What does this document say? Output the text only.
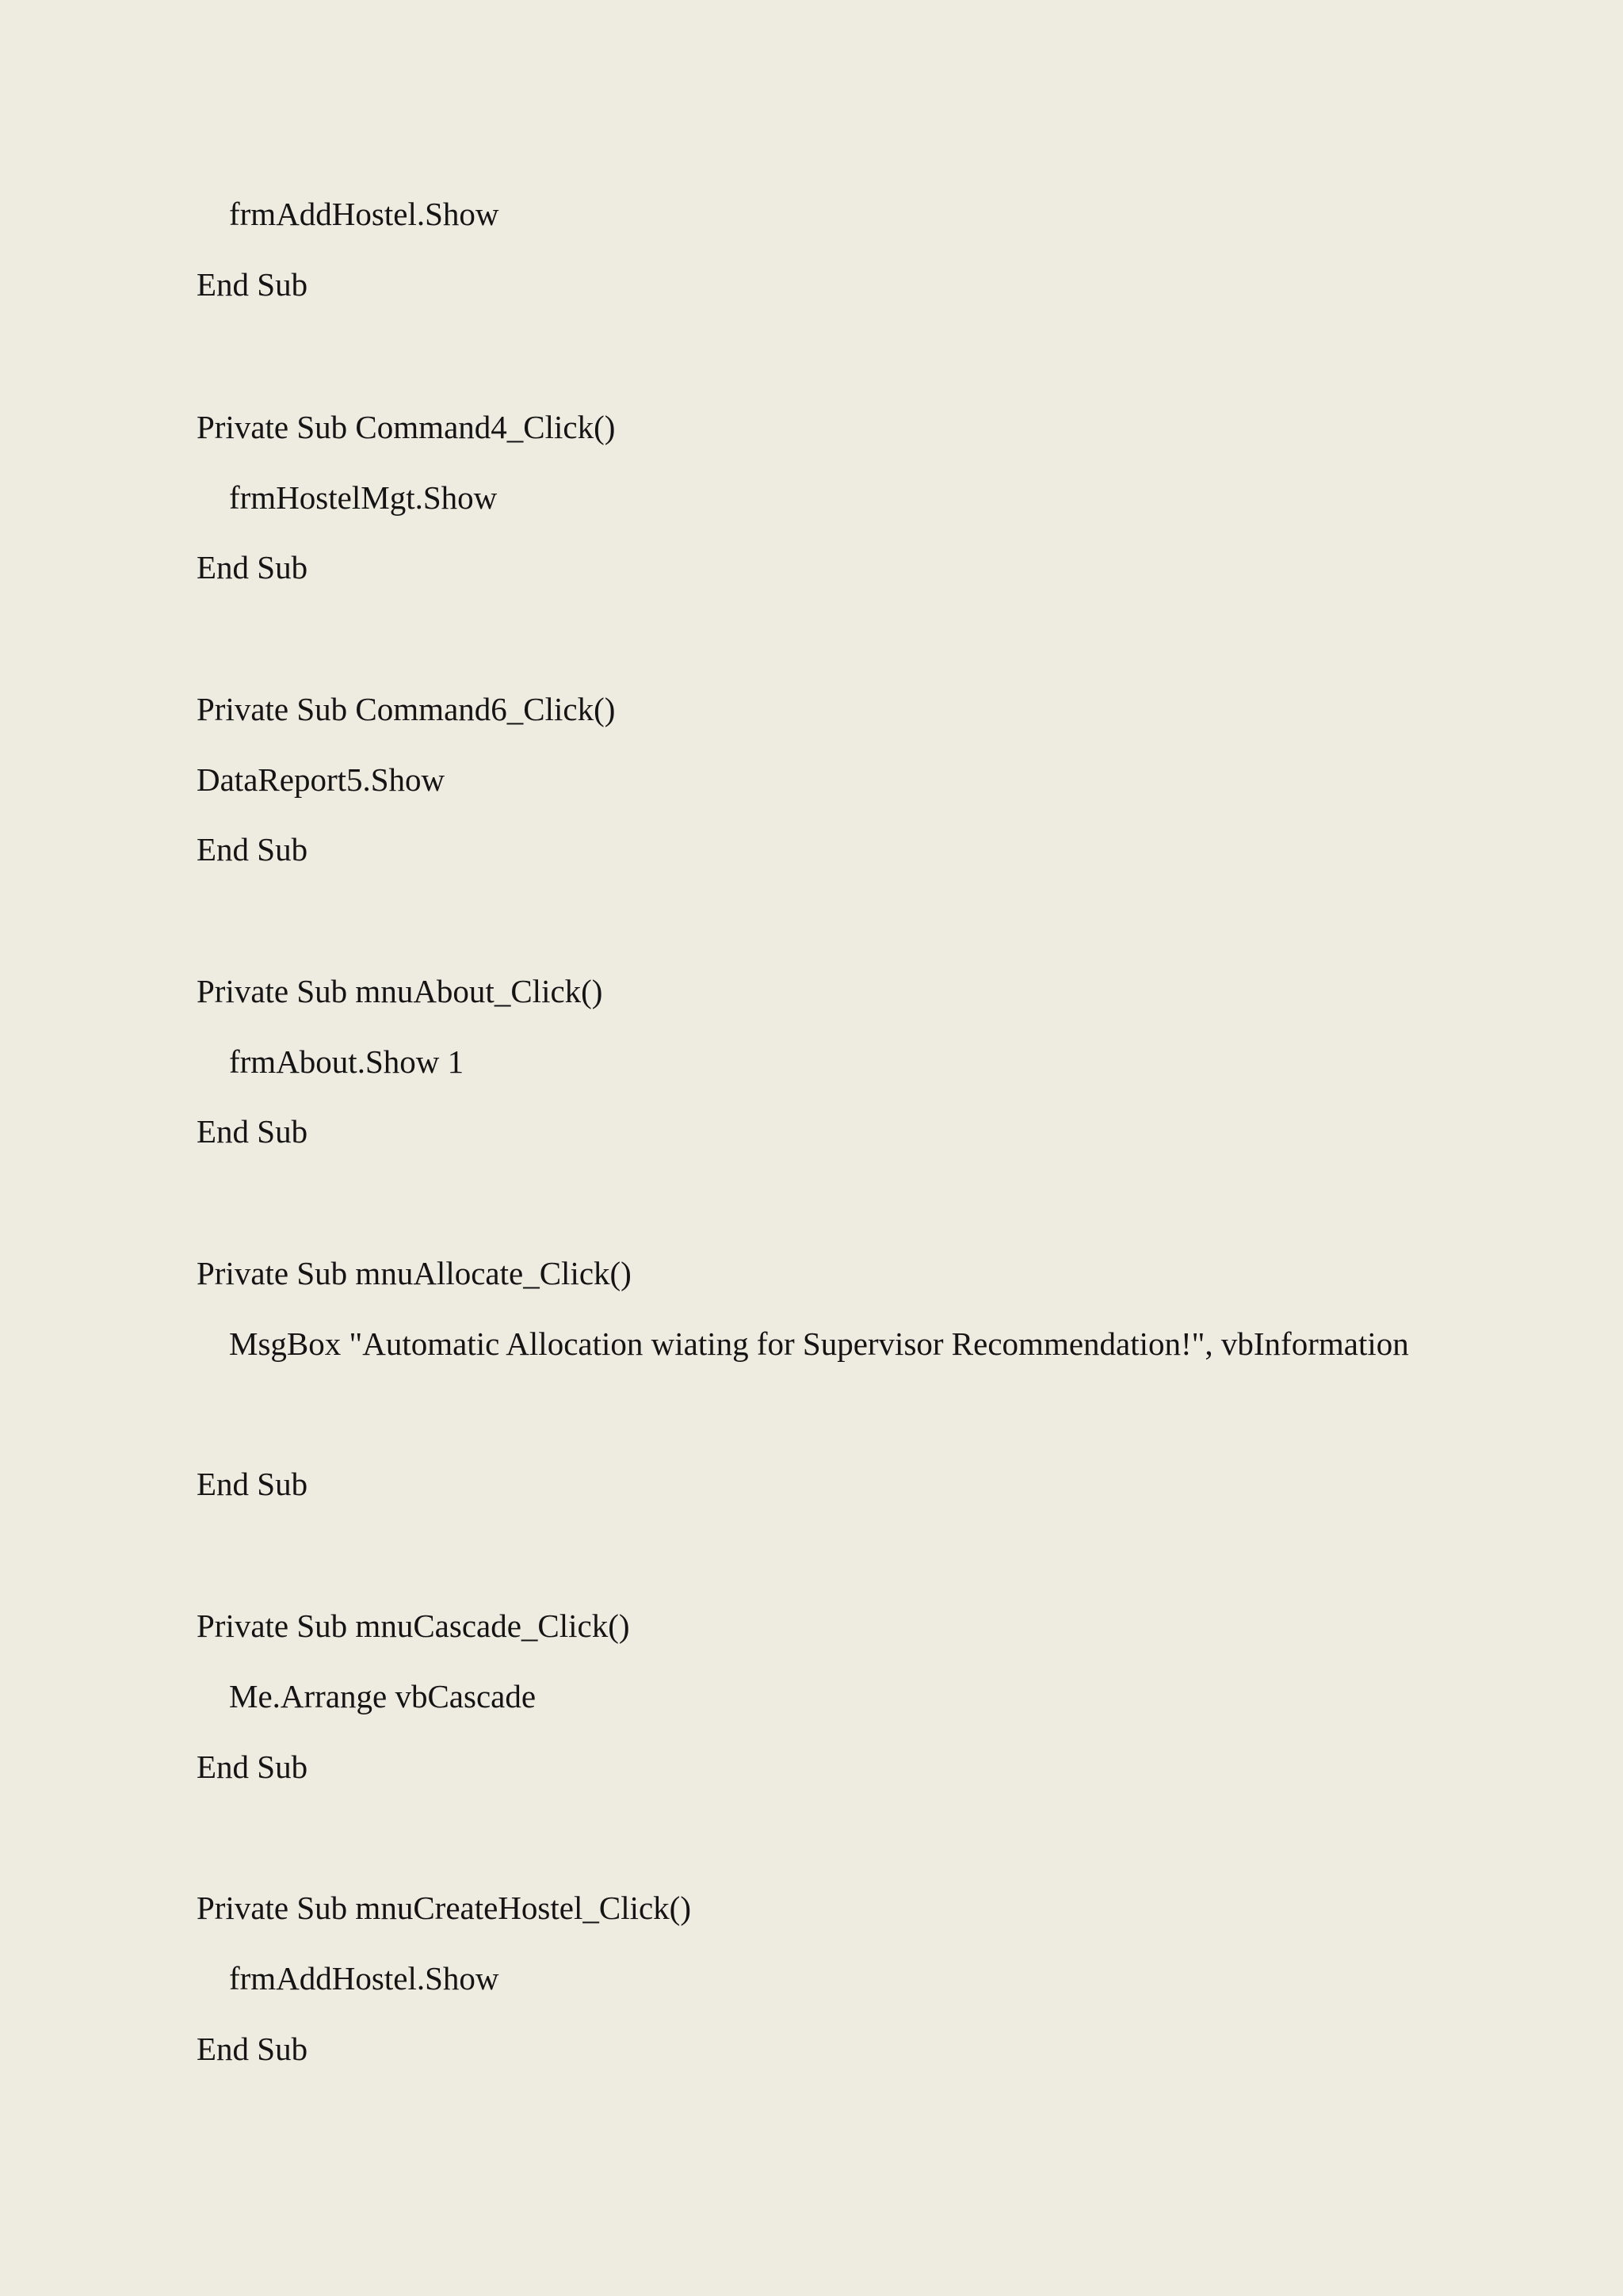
frmAddHostel.Show

End Sub

Private Sub Command4_Click()

frmHostelMgt.Show

End Sub

Private Sub Command6_Click()

DataReport5.Show

End Sub

Private Sub mnuAbout_Click()

frmAbout.Show 1

End Sub

Private Sub mnuAllocate_Click()

MsgBox "Automatic Allocation wiating for Supervisor Recommendation!", vbInformation

End Sub

Private Sub mnuCascade_Click()

Me.Arrange vbCascade

End Sub

Private Sub mnuCreateHostel_Click()

frmAddHostel.Show

End Sub
